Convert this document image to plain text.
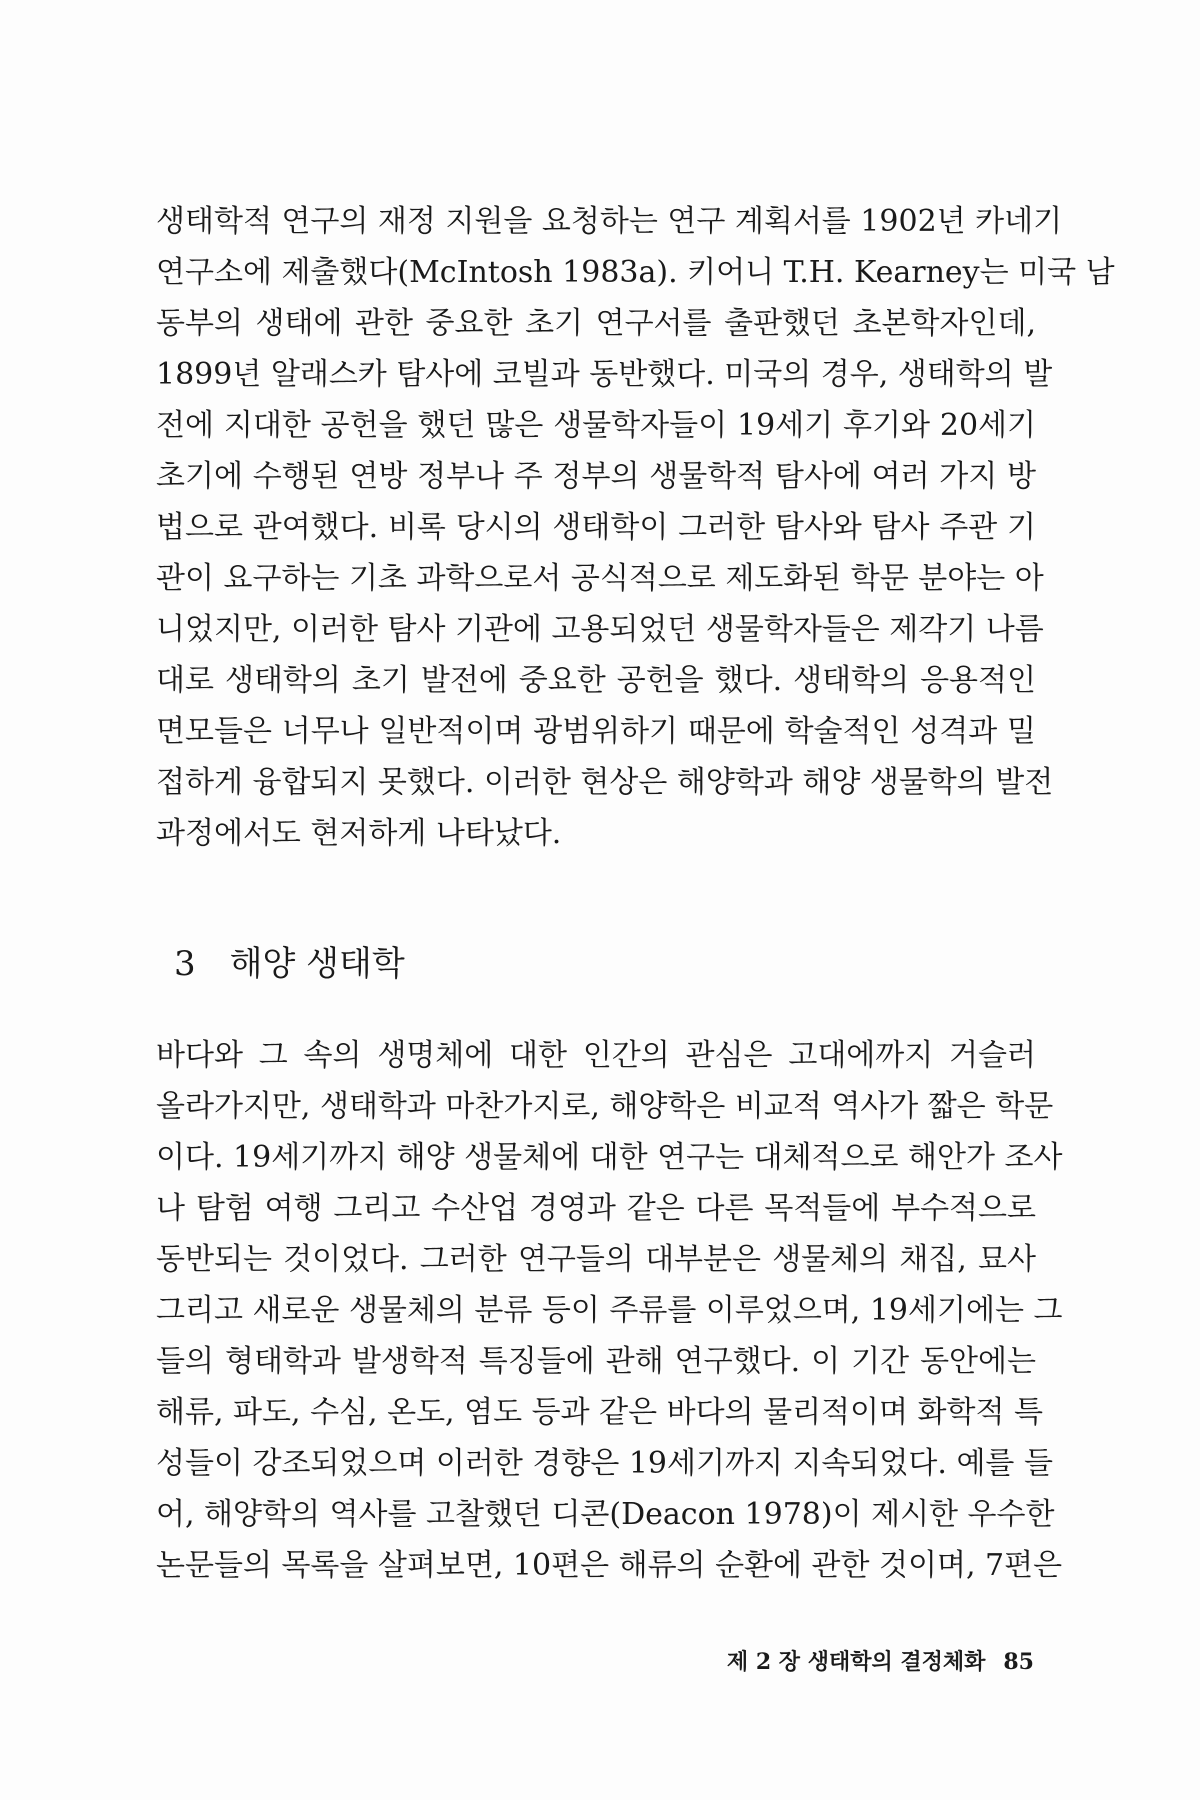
생태학적 연구의 재정 지원을 요청하는 연구 계획서를 1902년 카네기
연구소에 제출했다(McIntosh 1983a). 키어니 T.H. Kearney는 미국 남
동부의 생태에 관한 중요한 초기 연구서를 출판했던 초본학자인데,
1899년 알래스카 탐사에 코빌과 동반했다. 미국의 경우, 생태학의 발
전에 지대한 공헌을 했던 많은 생물학자들이 19세기 후기와 20세기
초기에 수행된 연방 정부나 주 정부의 생물학적 탐사에 여러 가지 방
법으로 관여했다. 비록 당시의 생태학이 그러한 탐사와 탐사 주관 기
관이 요구하는 기초 과학으로서 공식적으로 제도화된 학문 분야는 아
니었지만, 이러한 탐사 기관에 고용되었던 생물학자들은 제각기 나름
대로 생태학의 초기 발전에 중요한 공헌을 했다. 생태학의 응용적인
면모들은 너무나 일반적이며 광범위하기 때문에 학술적인 성격과 밀
접하게 융합되지 못했다. 이러한 현상은 해양학과 해양 생물학의 발전
과정에서도 현저하게 나타났다.
3 해양 생태학
바다와 그 속의 생명체에 대한 인간의 관심은 고대에까지 거슬러
올라가지만, 생태학과 마찬가지로, 해양학은 비교적 역사가 짧은 학문
이다. 19세기까지 해양 생물체에 대한 연구는 대체적으로 해안가 조사
나 탐험 여행 그리고 수산업 경영과 같은 다른 목적들에 부수적으로
동반되는 것이었다. 그러한 연구들의 대부분은 생물체의 채집, 묘사
그리고 새로운 생물체의 분류 등이 주류를 이루었으며, 19세기에는 그
들의 형태학과 발생학적 특징들에 관해 연구했다. 이 기간 동안에는
해류, 파도, 수심, 온도, 염도 등과 같은 바다의 물리적이며 화학적 특
성들이 강조되었으며 이러한 경향은 19세기까지 지속되었다. 예를 들
어, 해양학의 역사를 고찰했던 디콘(Deacon 1978)이 제시한 우수한
논문들의 목록을 살펴보면, 10편은 해류의 순환에 관한 것이며, 7편은
제 2 장 생태학의 결정체화 85
